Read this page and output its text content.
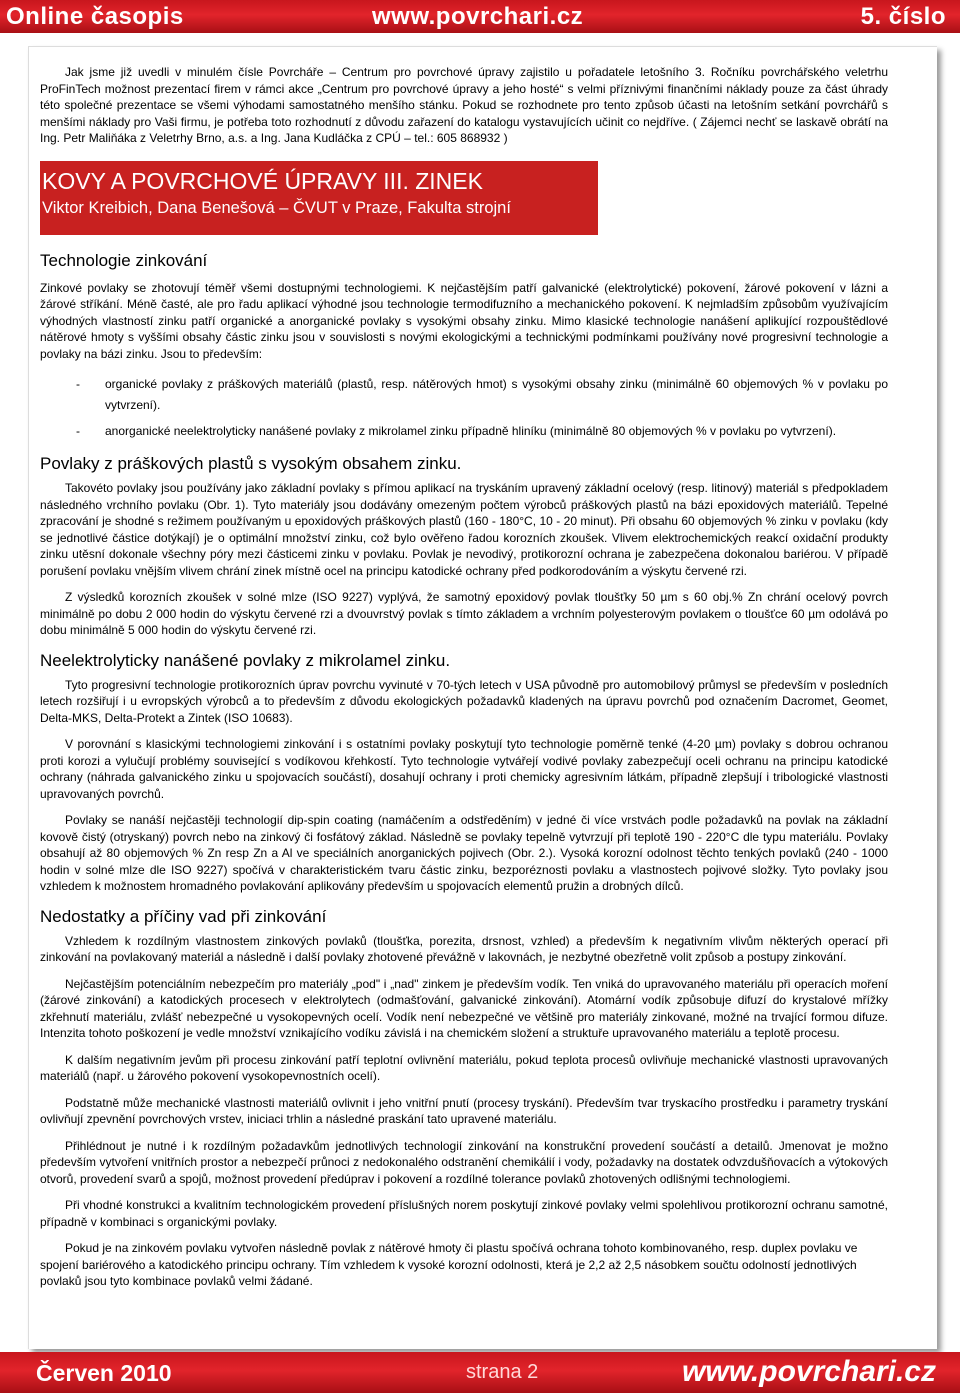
Online časopis	www.povrchari.cz	5. číslo

Jak jsme již uvedli v minulém čísle Povrcháře – Centrum pro povrchové úpravy zajistilo u pořadatele letošního 3. Ročníku povrchářského veletrhu ProFinTech možnost prezentací firem v rámci akce „Centrum pro povrchové úpravy a jeho hosté“ s velmi příznivými finančními náklady pouze za část úhrady této společné prezentace se všemi výhodami samostatného menšího stánku. Pokud se rozhodnete pro tento způsob účasti na letošním setkání povrchářů s menšími náklady pro Vaši firmu, je potřeba toto rozhodnutí z důvodu zařazení do katalogu vystavujících učinit co nejdříve. ( Zájemci nechť se laskavě obrátí na Ing. Petr Maliňáka z Veletrhy Brno, a.s. a Ing. Jana Kudláčka z CPÚ – tel.: 605 868932 )

KOVY A POVRCHOVÉ ÚPRAVY III. ZINEK
Viktor Kreibich, Dana Benešová – ČVUT v Praze, Fakultа strojní
Technologie zinkování

Zinkové povlaky se zhotovují téměř všemi dostupnými technologiemi. K nejčastějším patří galvanické (elektrolytické) pokovení, žárové pokovení v lázni a žárové stříkání. Méně časté, ale pro řadu aplikací výhodné jsou technologie termodifuzního a mechanického pokovení. K nejmladším způsobům využívajícím výhodných vlastností zinku patří organické a anorganické povlaky s vysokými obsahy zinku. Mimo klasické technologie nanášení aplikující rozpouštědlové nátěrové hmoty s vyššími obsahy částic zinku jsou v souvislosti s novými ekologickými a technickými podmínkami používány nové progresivní technologie a povlaky na bázi zinku. Jsou to především:

- organické povlaky z práškových materiálů (plastů, resp. nátěrových hmot) s vysokými obsahy zinku (minimálně 60 objemových % v povlaku po vytvrzení).
- anorganické neelektrolyticky nanášené povlaky z mikrolamel zinku případně hliníku (minimálně 80 objemových % v povlaku po vytvrzení).
Povlaky z práškových plastů s vysokým obsahem zinku.

Takovéto povlaky jsou používány jako základní povlaky s přímou aplikací na tryskáním upravený základní ocelový (resp. litinový) materiál s předpokladem následného vrchního povlaku (Obr. 1). Tyto materiály jsou dodávány omezeným počtem výrobců práškových plastů na bázi epoxidových materiálů. Tepelné zpracování je shodné s režimem používaným u epoxidových práškových plastů (160 - 180°C, 10 - 20 minut). Při obsahu 60 objemových % zinku v povlaku (kdy se jednotlivé částice dotýkají) je o optimální množství zinku, což bylo ověřeno řadou korozních zkoušek. Vlivem elektrochemických reakcí oxidační produkty zinku utěsní dokonale všechny póry mezi částicemi zinku v povlaku. Povlak je nevodivý, protikorozní ochrana je zabezpečena dokonalou bariérou. V případě porušení povlaku vnějším vlivem chrání zinek místně ocel na principu katodické ochrany před podkorodováním a výskytu červené rzi.

Z výsledků korozních zkoušek v solné mlze (ISO 9227) vyplývá, že samotný epoxidový povlak tloušťky 50 µm s 60 obj.% Zn chrání ocelový povrch minimálně po dobu 2 000 hodin do výskytu červené rzi a dvouvrstvý povlak s tímto základem a vrchním polyesterovým povlakem o tloušťce 60 µm odolává po dobu minimálně 5 000 hodin do výskytu červené rzi.

Neelektrolyticky nanášené povlaky z mikrolamel zinku.

Tyto progresivní technologie protikorozních úprav povrchu vyvinuté v 70-tých letech v USA původně pro automobilový průmysl se především v posledních letech rozšiřují i u evropských výrobců a to především z důvodu ekologických požadavků kladených na úpravu povrchů pod označením Dacromet, Geomet, Delta-MKS, Delta-Protekt a Zintek (ISO 10683).

V porovnání s klasickými technologiemi zinkování i s ostatními povlaky poskytují tyto technologie poměrně tenké (4-20 µm) povlaky s dobrou ochranou proti korozi a vylučují problémy související s vodíkovou křehkostí. Tyto technologie vytvářejí vodivé povlaky zabezpečují oceli ochranu na principu katodické ochrany (náhrada galvanického zinku u spojovacích součástí), dosahují ochrany i proti chemicky agresivním látkám, případně zlepšují i tribologické vlastnosti upravovaných povrchů.

Povlaky se nanáší nejčastěji technologií dip-spin coating (namáčením a odstředěním) v jedné či více vrstvách podle požadavků na povlak na základní kovově čistý (otryskaný) povrch nebo na zinkový či fosfátový základ. Následně se povlaky tepelně vytvrzují při teplotě 190 - 220°C dle typu materiálu. Povlaky obsahují až 80 objemových % Zn resp Zn a Al ve speciálních anorganických pojivech (Obr. 2.). Vysoká korozní odolnost těchto tenkých povlaků (240 - 1000 hodin v solné mlze dle ISO 9227) spočívá v charakteristickém tvaru částic zinku, bezporéznosti povlaku a vlastnostech pojivové složky. Tyto povlaky jsou vzhledem k možnostem hromadného povlakování aplikovány především u spojovacích elementů pružin a drobných dílců.

Nedostatky a příčiny vad při zinkování

Vzhledem k rozdílným vlastnostem zinkových povlaků (tloušťka, porezita, drsnost, vzhled) a především k negativním vlivům některých operací při zinkování na povlakovaný materiál a následně i další povlaky zhotovené převážně v lakovnách, je nezbytné obezřetně volit způsob a postupy zinkování.

Nejčastějším potenciálním nebezpečím pro materiály „pod" i „nad" zinkem je především vodík. Ten vniká do upravovaného materiálu při operacích moření (žárové zinkování) a katodických procesech v elektrolytech (odmašťování, galvanické zinkování). Atomární vodík způsobuje difuzí do krystalové mřížky zkřehnutí materiálu, zvlášť nebezpečné u vysokopevných ocelí. Vodík není nebezpečné ve většině pro materiály zinkované, možné na trvající formou difuze. Intenzita tohoto poškození je vedle množství vznikajícího vodíku závislá i na chemickém složení a struktuře upravovaného materiálu a teplotě procesu.

K dalším negativním jevům při procesu zinkování patří teplotní ovlivnění materiálu, pokud teplota procesů ovlivňuje mechanické vlastnosti upravovaných materiálů (např. u žárového pokovení vysokopevnostních ocelí).

Podstatně může mechanické vlastnosti materiálů ovlivnit i jeho vnitřní pnutí (procesy tryskání). Především tvar tryskacího prostředku i parametry tryskání ovlivňují zpevnění povrchových vrstev, iniciaci trhlin a následné praskání tato upravené materiálu.

Přihlédnout je nutné i k rozdílným požadavkům jednotlivých technologií zinkování na konstrukční provedení součástí a detailů. Jmenovat je možno především vytvoření vnitřních prostor a nebezpečí průnoci z nedokonalého odstranění chemikálií i vody, požadavky na dostatek odvzdušňovacích a výtokových otvorů, provedení svarů a spojů, možnost provedení předúprav i pokovení a rozdílné tolerance povlaků zhotovených odlišnými technologiemi.

Při vhodné konstrukci a kvalitním technologickém provedení příslušných norem poskytují zinkové povlaky velmi spolehlivou protikorozní ochranu samotné, případně v kombinaci s organickými povlaky.

Pokud je na zinkovém povlaku vytvořen následně povlak z nátěrové hmoty či plastu spočívá ochrana tohoto kombinovaného, resp. duplex povlaku ve spojení bariérového a katodického principu ochrany. Tím vzhledem k vysoké korozní odolnosti, která je 2,2 až 2,5 násobkem součtu odolností jednotlivých povlaků jsou tyto kombinace povlaků velmi žádané.

Červen 2010	strana 2	www.povrchari.cz
